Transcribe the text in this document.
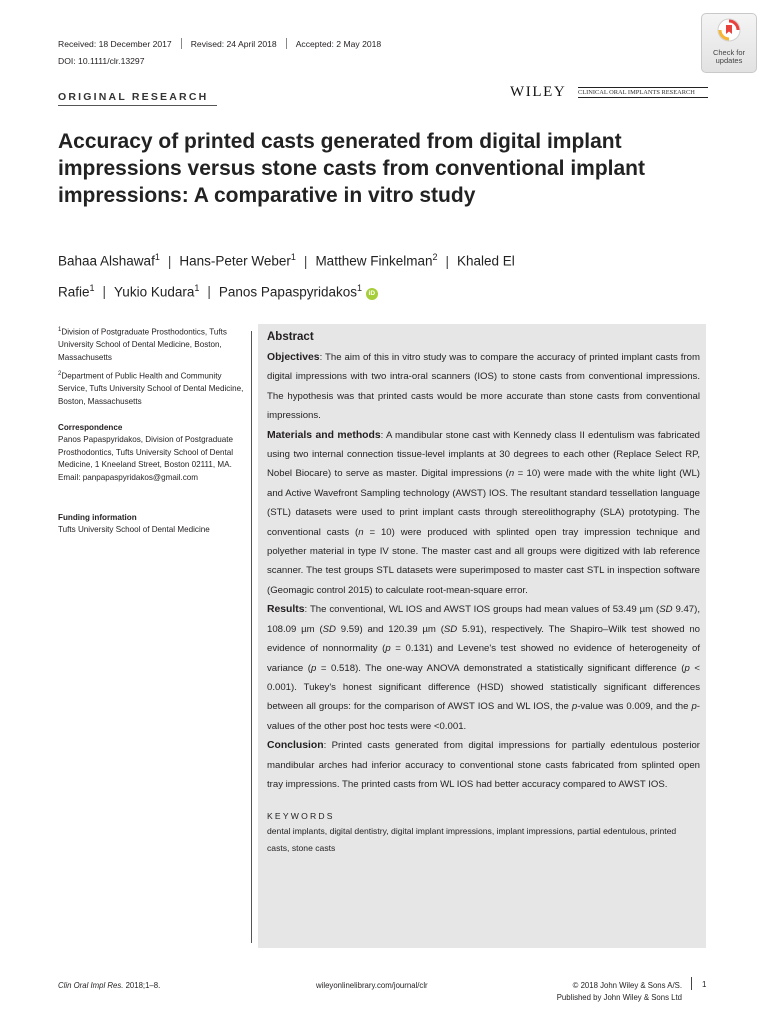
Received: 18 December 2017 Revised: 24 April 2018 Accepted: 2 May 2018
DOI: 10.1111/clr.13297
Check for
updates
ORIGINAL RESEARCH	WILEY CLINICAL ORAL IMPLANTS RESEARCH
Accuracy of printed casts generated from digital implant impressions versus stone casts from conventional implant impressions: A comparative in vitro study
Bahaa Alshawaf$^1$ | Hans-Peter Weber$^1$ | Matthew Finkelman$^2$ | Khaled El
Rafie$^1$ | Yukio Kudara$^1$ | Panos Papaspyridakos$^1$ iD
$^1$Division of Postgraduate Prosthodontics, Tufts University School of Dental Medicine, Boston, Massachusetts
$^2$Department of Public Health and Community Service, Tufts University School of Dental Medicine, Boston, Massachusetts
Correspondence
Panos Papaspyridakos, Division of Postgraduate Prosthodontics, Tufts University School of Dental Medicine, 1 Kneeland Street, Boston 02111, MA.
Email: panpapaspyridakos@gmail.com
Funding information
Tufts University School of Dental Medicine
Abstract

Objectives: The aim of this in vitro study was to compare the accuracy of printed implant casts from digital impressions with two intra-oral scanners (IOS) to stone casts from conventional impressions. The hypothesis was that printed casts would be more accurate than stone casts from conventional impressions.

Materials and methods: A mandibular stone cast with Kennedy class II edentulism was fabricated using two internal connection tissue-level implants at 30 degrees to each other (Replace Select RP, Nobel Biocare) to serve as master. Digital impressions (n = 10) were made with the white light (WL) and Active Wavefront Sampling technology (AWST) IOS. The resultant standard tessellation language (STL) datasets were used to print implant casts through stereolithography (SLA) prototyping. The conventional casts (n = 10) were produced with splinted open tray impression technique and polyether material in type IV stone. The master cast and all groups were digitized with lab reference scanner. The test groups STL datasets were superimposed to master cast STL in inspection software (Geomagic control 2015) to calculate root-mean-square error.

Results: The conventional, WL IOS and AWST IOS groups had mean values of 53.49 µm (SD 9.47), 108.09 µm (SD 9.59) and 120.39 µm (SD 5.91), respectively. The Shapiro–Wilk test showed no evidence of nonnormality (p = 0.131) and Levene's test showed no evidence of heterogeneity of variance (p = 0.518). The one-way ANOVA demonstrated a statistically significant difference (p < 0.001). Tukey's honest significant difference (HSD) showed statistically significant differences between all groups: for the comparison of AWST IOS and WL IOS, the p-value was 0.009, and the p-values of the other post hoc tests were <0.001.

Conclusion: Printed casts generated from digital impressions for partially edentulous posterior mandibular arches had inferior accuracy to conventional stone casts fabricated from splinted open tray impressions. The printed casts from WL IOS had better accuracy compared to AWST IOS.

KEYWORDS
dental implants, digital dentistry, digital implant impressions, implant impressions, partial edentulous, printed casts, stone casts
Clin Oral Impl Res. 2018;1–8.	wileyonlinelibrary.com/journal/clr	© 2018 John Wiley & Sons A/S.
Published by John Wiley & Sons Ltd
1
